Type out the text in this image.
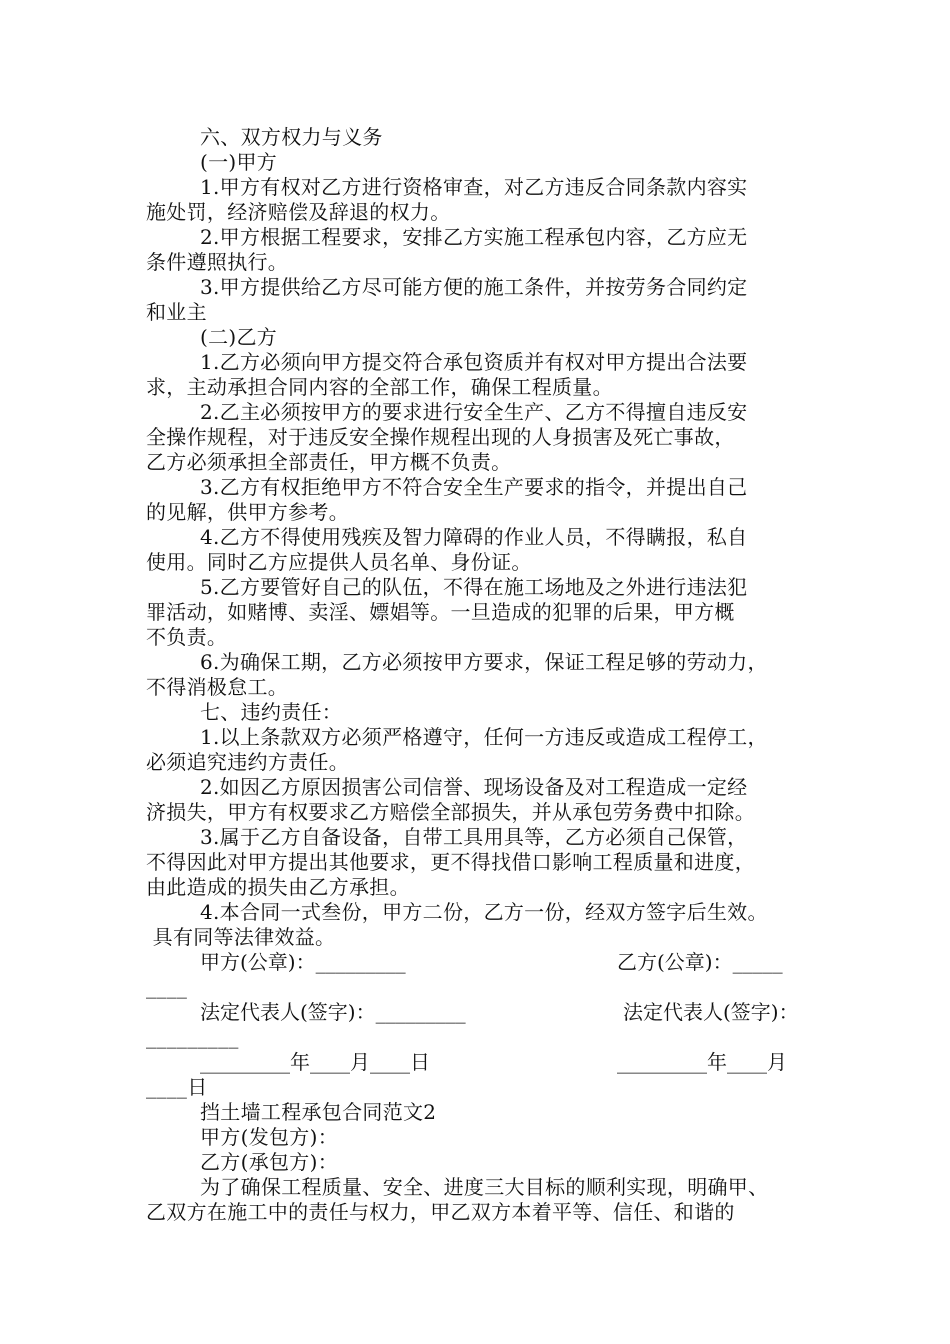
六、双方权力与义务
(一)甲方
1.甲方有权对乙方进行资格审查，对乙方违反合同条款内容实
施处罚，经济赔偿及辞退的权力。
2.甲方根据工程要求，安排乙方实施工程承包内容，乙方应无
条件遵照执行。
3.甲方提供给乙方尽可能方便的施工条件，并按劳务合同约定
和业主
(二)乙方
1.乙方必须向甲方提交符合承包资质并有权对甲方提出合法要
求，主动承担合同内容的全部工作，确保工程质量。
2.乙主必须按甲方的要求进行安全生产、乙方不得擅自违反安
全操作规程，对于违反安全操作规程出现的人身损害及死亡事故，
乙方必须承担全部责任，甲方概不负责。
3.乙方有权拒绝甲方不符合安全生产要求的指令，并提出自己
的见解，供甲方参考。
4.乙方不得使用残疾及智力障碍的作业人员，不得瞒报，私自
使用。同时乙方应提供人员名单、身份证。
5.乙方要管好自己的队伍，不得在施工场地及之外进行违法犯
罪活动，如赌博、卖淫、嫖娼等。一旦造成的犯罪的后果，甲方概
不负责。
6.为确保工期，乙方必须按甲方要求，保证工程足够的劳动力，
不得消极怠工。
七、违约责任：
1.以上条款双方必须严格遵守，任何一方违反或造成工程停工，
必须追究违约方责任。
2.如因乙方原因损害公司信誉、现场设备及对工程造成一定经
济损失，甲方有权要求乙方赔偿全部损失，并从承包劳务费中扣除。
3.属于乙方自备设备，自带工具用具等，乙方必须自己保管，
不得因此对甲方提出其他要求，更不得找借口影响工程质量和进度，
由此造成的损失由乙方承担。
4.本合同一式叁份，甲方二份，乙方一份，经双方签字后生效。
具有同等法律效益。
甲方(公章)：_________	乙方(公章)：_____
____
法定代表人(签字)：_________	法定代表人(签字)：
_________
_________年____月____日	_________年____月
____日
挡土墙工程承包合同范文2
甲方(发包方)：
乙方(承包方)：
为了确保工程质量、安全、进度三大目标的顺利实现，明确甲、
乙双方在施工中的责任与权力，甲乙双方本着平等、信任、和谐的
